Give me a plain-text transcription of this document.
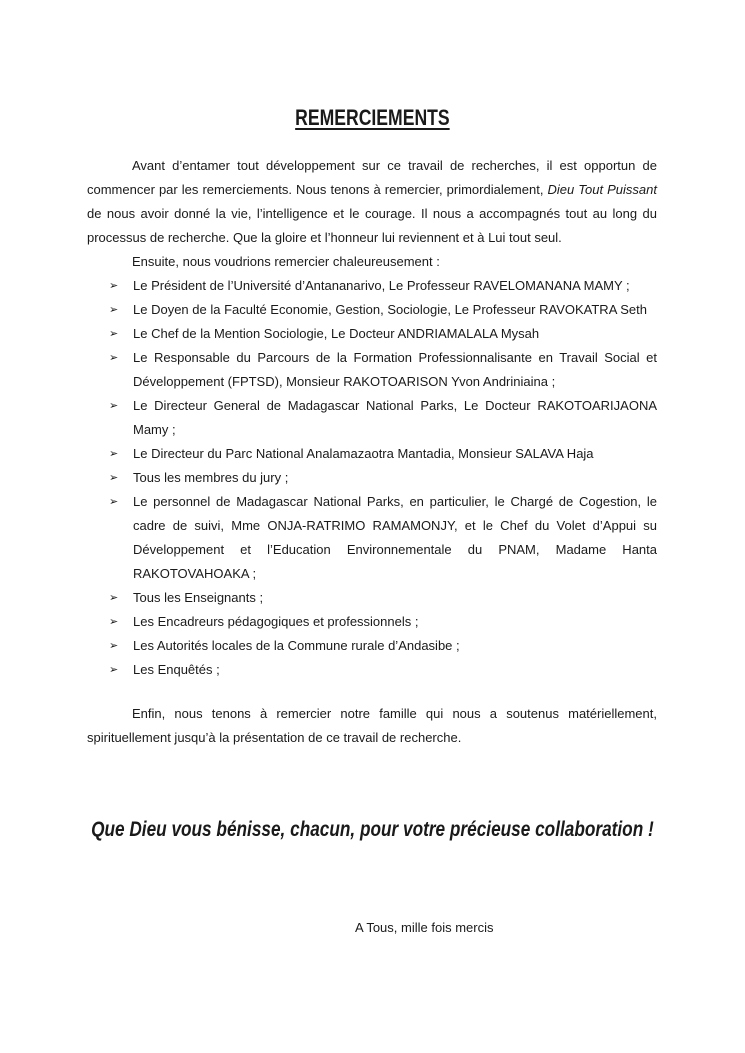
REMERCIEMENTS

Avant d’entamer tout développement sur ce travail de recherches, il est opportun de commencer par les remerciements. Nous tenons à remercier, primordialement, Dieu Tout Puissant de nous avoir donné la vie, l’intelligence et le courage. Il nous a accompagnés tout au long du processus de recherche. Que la gloire et l’honneur lui reviennent et à Lui tout seul.

Ensuite, nous voudrions remercier chaleureusement :

➢ Le Président de l’Université d’Antananarivo, Le Professeur RAVELOMANANA MAMY ;
➢ Le Doyen de la Faculté Economie, Gestion, Sociologie, Le Professeur RAVOKATRA Seth
➢ Le Chef de la Mention Sociologie, Le Docteur ANDRIAMALALA Mysah
➢ Le Responsable du Parcours de la Formation Professionnalisante en Travail Social et Développement (FPTSD), Monsieur RAKOTOARISON Yvon Andriniaina ;
➢ Le Directeur General de Madagascar National Parks, Le Docteur RAKOTOARIJAONA Mamy ;
➢ Le Directeur du Parc National Analamazaotra Mantadia, Monsieur SALAVA Haja
➢ Tous les membres du jury ;
➢ Le personnel de Madagascar National Parks, en particulier, le Chargé de Cogestion, le cadre de suivi, Mme ONJA-RATRIMO RAMAMONJY, et le Chef du Volet d’Appui su Développement et l’Education Environnementale du PNAM, Madame Hanta RAKOTOVAHOAKA ;
➢ Tous les Enseignants ;
➢ Les Encadreurs pédagogiques et professionnels ;
➢ Les Autorités locales de la Commune rurale d’Andasibe ;
➢ Les Enquêtés ;

Enfin, nous tenons à remercier notre famille qui nous a soutenus matériellement, spirituellement jusqu’à la présentation de ce travail de recherche.

Que Dieu vous bénisse, chacun, pour votre précieuse collaboration !

A Tous, mille fois mercis
